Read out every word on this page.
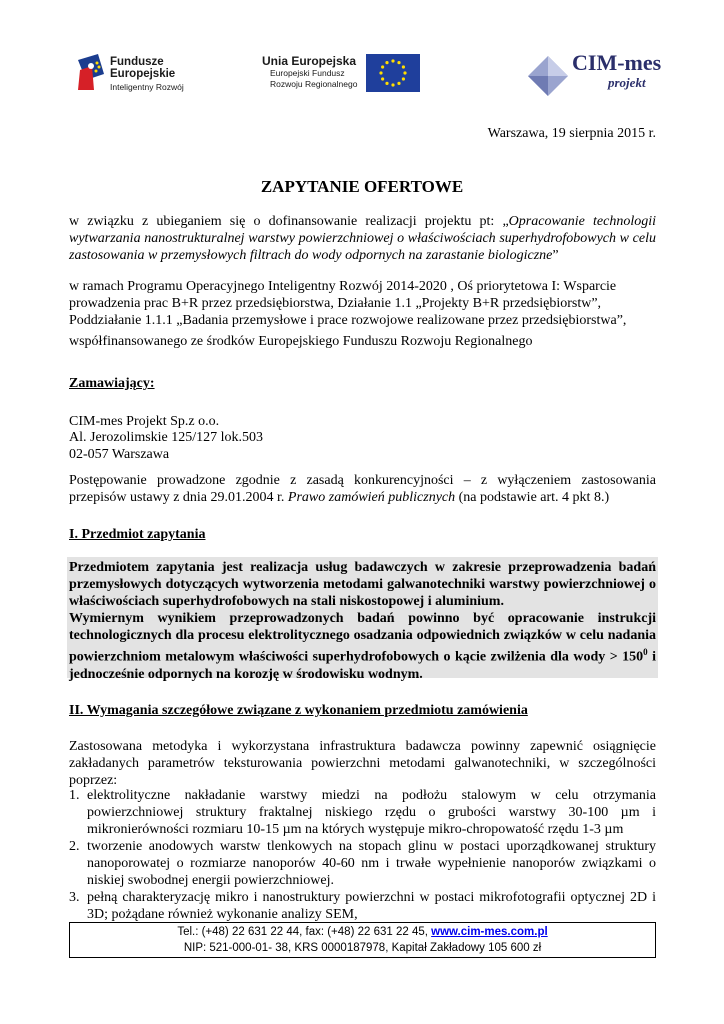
Fundusze
Europejskie
Inteligentny Rozwój
Unia Europejska
Europejski Fundusz
Rozwoju Regionalnego
CIM-mes
projekt
Warszawa, 19 sierpnia 2015 r.
ZAPYTANIE OFERTOWE

w związku z ubieganiem się o dofinansowanie realizacji projektu pt: „Opracowanie technologii wytwarzania nanostrukturalnej warstwy powierzchniowej o właściwościach superhydrofobowych w celu zastosowania w przemysłowych filtrach do wody odpornych na zarastanie biologiczne”

w ramach Programu Operacyjnego Inteligentny Rozwój 2014-2020 , Oś priorytetowa I: Wsparcie prowadzenia prac B+R przez przedsiębiorstwa, Działanie 1.1 „Projekty B+R przedsiębiorstw”, Poddziałanie 1.1.1 „Badania przemysłowe i prace rozwojowe realizowane przez przedsiębiorstwa”,

współfinansowanego ze środków Europejskiego Funduszu Rozwoju Regionalnego

Zamawiający:

CIM-mes Projekt Sp.z o.o.

Al. Jerozolimskie 125/127 lok.503

02-057 Warszawa

Postępowanie prowadzone zgodnie z zasadą konkurencyjności – z wyłączeniem zastosowania przepisów ustawy z dnia 29.01.2004 r. Prawo zamówień publicznych (na podstawie art. 4 pkt 8.)

I. Przedmiot zapytania

Przedmiotem zapytania jest realizacja usług badawczych w zakresie przeprowadzenia badań przemysłowych dotyczących wytworzenia metodami galwanotechniki warstwy powierzchniowej o właściwościach superhydrofobowych na stali niskostopowej i aluminium.

Wymiernym wynikiem przeprowadzonych badań powinno być opracowanie instrukcji technologicznych dla procesu elektrolitycznego osadzania odpowiednich związków w celu nadania powierzchniom metalowym właściwości superhydrofobowych o kącie zwilżenia dla wody > $150^0$ i jednocześnie odpornych na korozję w środowisku wodnym.

II. Wymagania szczegółowe związane z wykonaniem przedmiotu zamówienia

Zastosowana metodyka i wykorzystana infrastruktura badawcza powinny zapewnić osiągnięcie zakładanych parametrów teksturowania powierzchni metodami galwanotechniki, w szczególności poprzez:

1. elektrolityczne nakładanie warstwy miedzi na podłożu stalowym w celu otrzymania powierzchniowej struktury fraktalnej niskiego rzędu o grubości warstwy 30-100 µm i mikronierówności rozmiaru 10-15 µm na których występuje mikro-chropowatość rzędu 1-3 µm

2. tworzenie anodowych warstw tlenkowych na stopach glinu w postaci uporządkowanej struktury nanoporowatej o rozmiarze nanoporów 40-60 nm i trwałe wypełnienie nanoporów związkami o niskiej swobodnej energii powierzchniowej.

3. pełną charakteryzację mikro i nanostruktury powierzchni w postaci mikrofotografii optycznej 2D i 3D; pożądane również wykonanie analizy SEM,

Tel.: (+48) 22 631 22 44, fax: (+48) 22 631 22 45, www.cim-mes.com.pl
NIP: 521-000-01- 38, KRS 0000187978, Kapitał Zakładowy 105 600 zł
